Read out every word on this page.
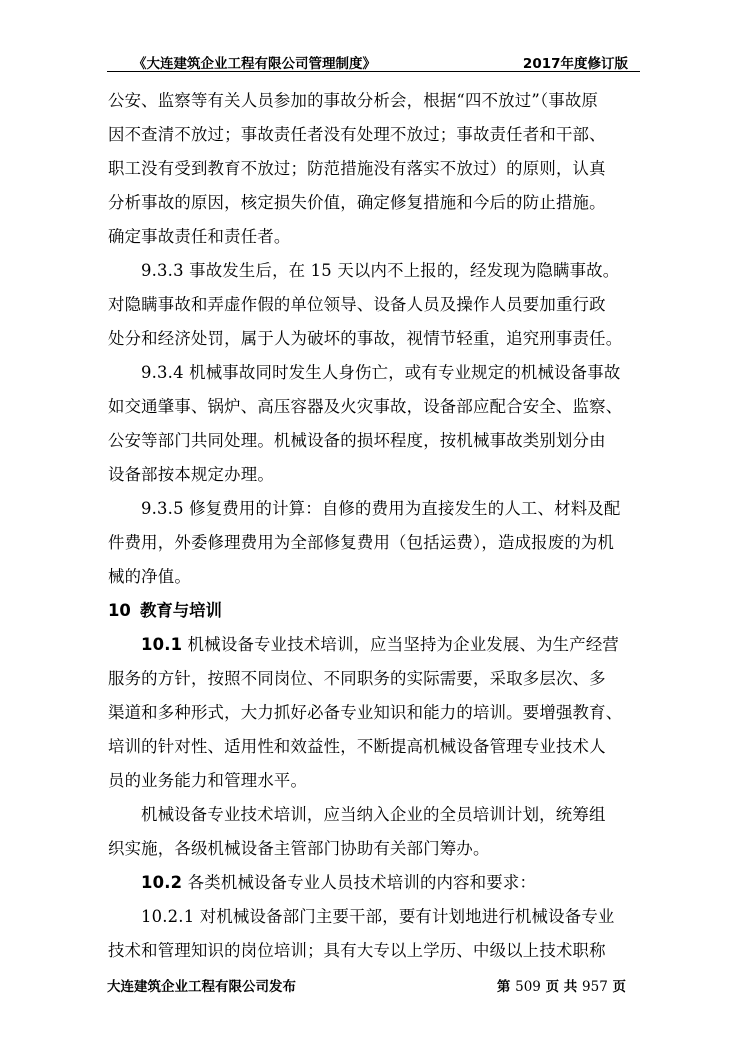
《大连建筑企业工程有限公司管理制度》	2017年度修订版
公安、监察等有关人员参加的事故分析会，根据“四不放过”（事故原
因不查清不放过；事故责任者没有处理不放过；事故责任者和干部、
职工没有受到教育不放过；防范措施没有落实不放过）的原则，认真
分析事故的原因，核定损失价值，确定修复措施和今后的防止措施。
确定事故责任和责任者。
9.3.3 事故发生后，在 15 天以内不上报的，经发现为隐瞒事故。
对隐瞒事故和弄虚作假的单位领导、设备人员及操作人员要加重行政
处分和经济处罚，属于人为破坏的事故，视情节轻重，追究刑事责任。
9.3.4 机械事故同时发生人身伤亡，或有专业规定的机械设备事故
如交通肇事、锅炉、高压容器及火灾事故，设备部应配合安全、监察、
公安等部门共同处理。机械设备的损坏程度，按机械事故类别划分由
设备部按本规定办理。
9.3.5 修复费用的计算：自修的费用为直接发生的人工、材料及配
件费用，外委修理费用为全部修复费用（包括运费），造成报废的为机
械的净值。
10 教育与培训
10.1 机械设备专业技术培训，应当坚持为企业发展、为生产经营
服务的方针，按照不同岗位、不同职务的实际需要，采取多层次、多
渠道和多种形式，大力抓好必备专业知识和能力的培训。要增强教育、
培训的针对性、适用性和效益性，不断提高机械设备管理专业技术人
员的业务能力和管理水平。
机械设备专业技术培训，应当纳入企业的全员培训计划，统筹组
织实施，各级机械设备主管部门协助有关部门筹办。
10.2 各类机械设备专业人员技术培训的内容和要求：
10.2.1 对机械设备部门主要干部，要有计划地进行机械设备专业
技术和管理知识的岗位培训；具有大专以上学历、中级以上技术职称
大连建筑企业工程有限公司发布	第 509 页 共 957 页
